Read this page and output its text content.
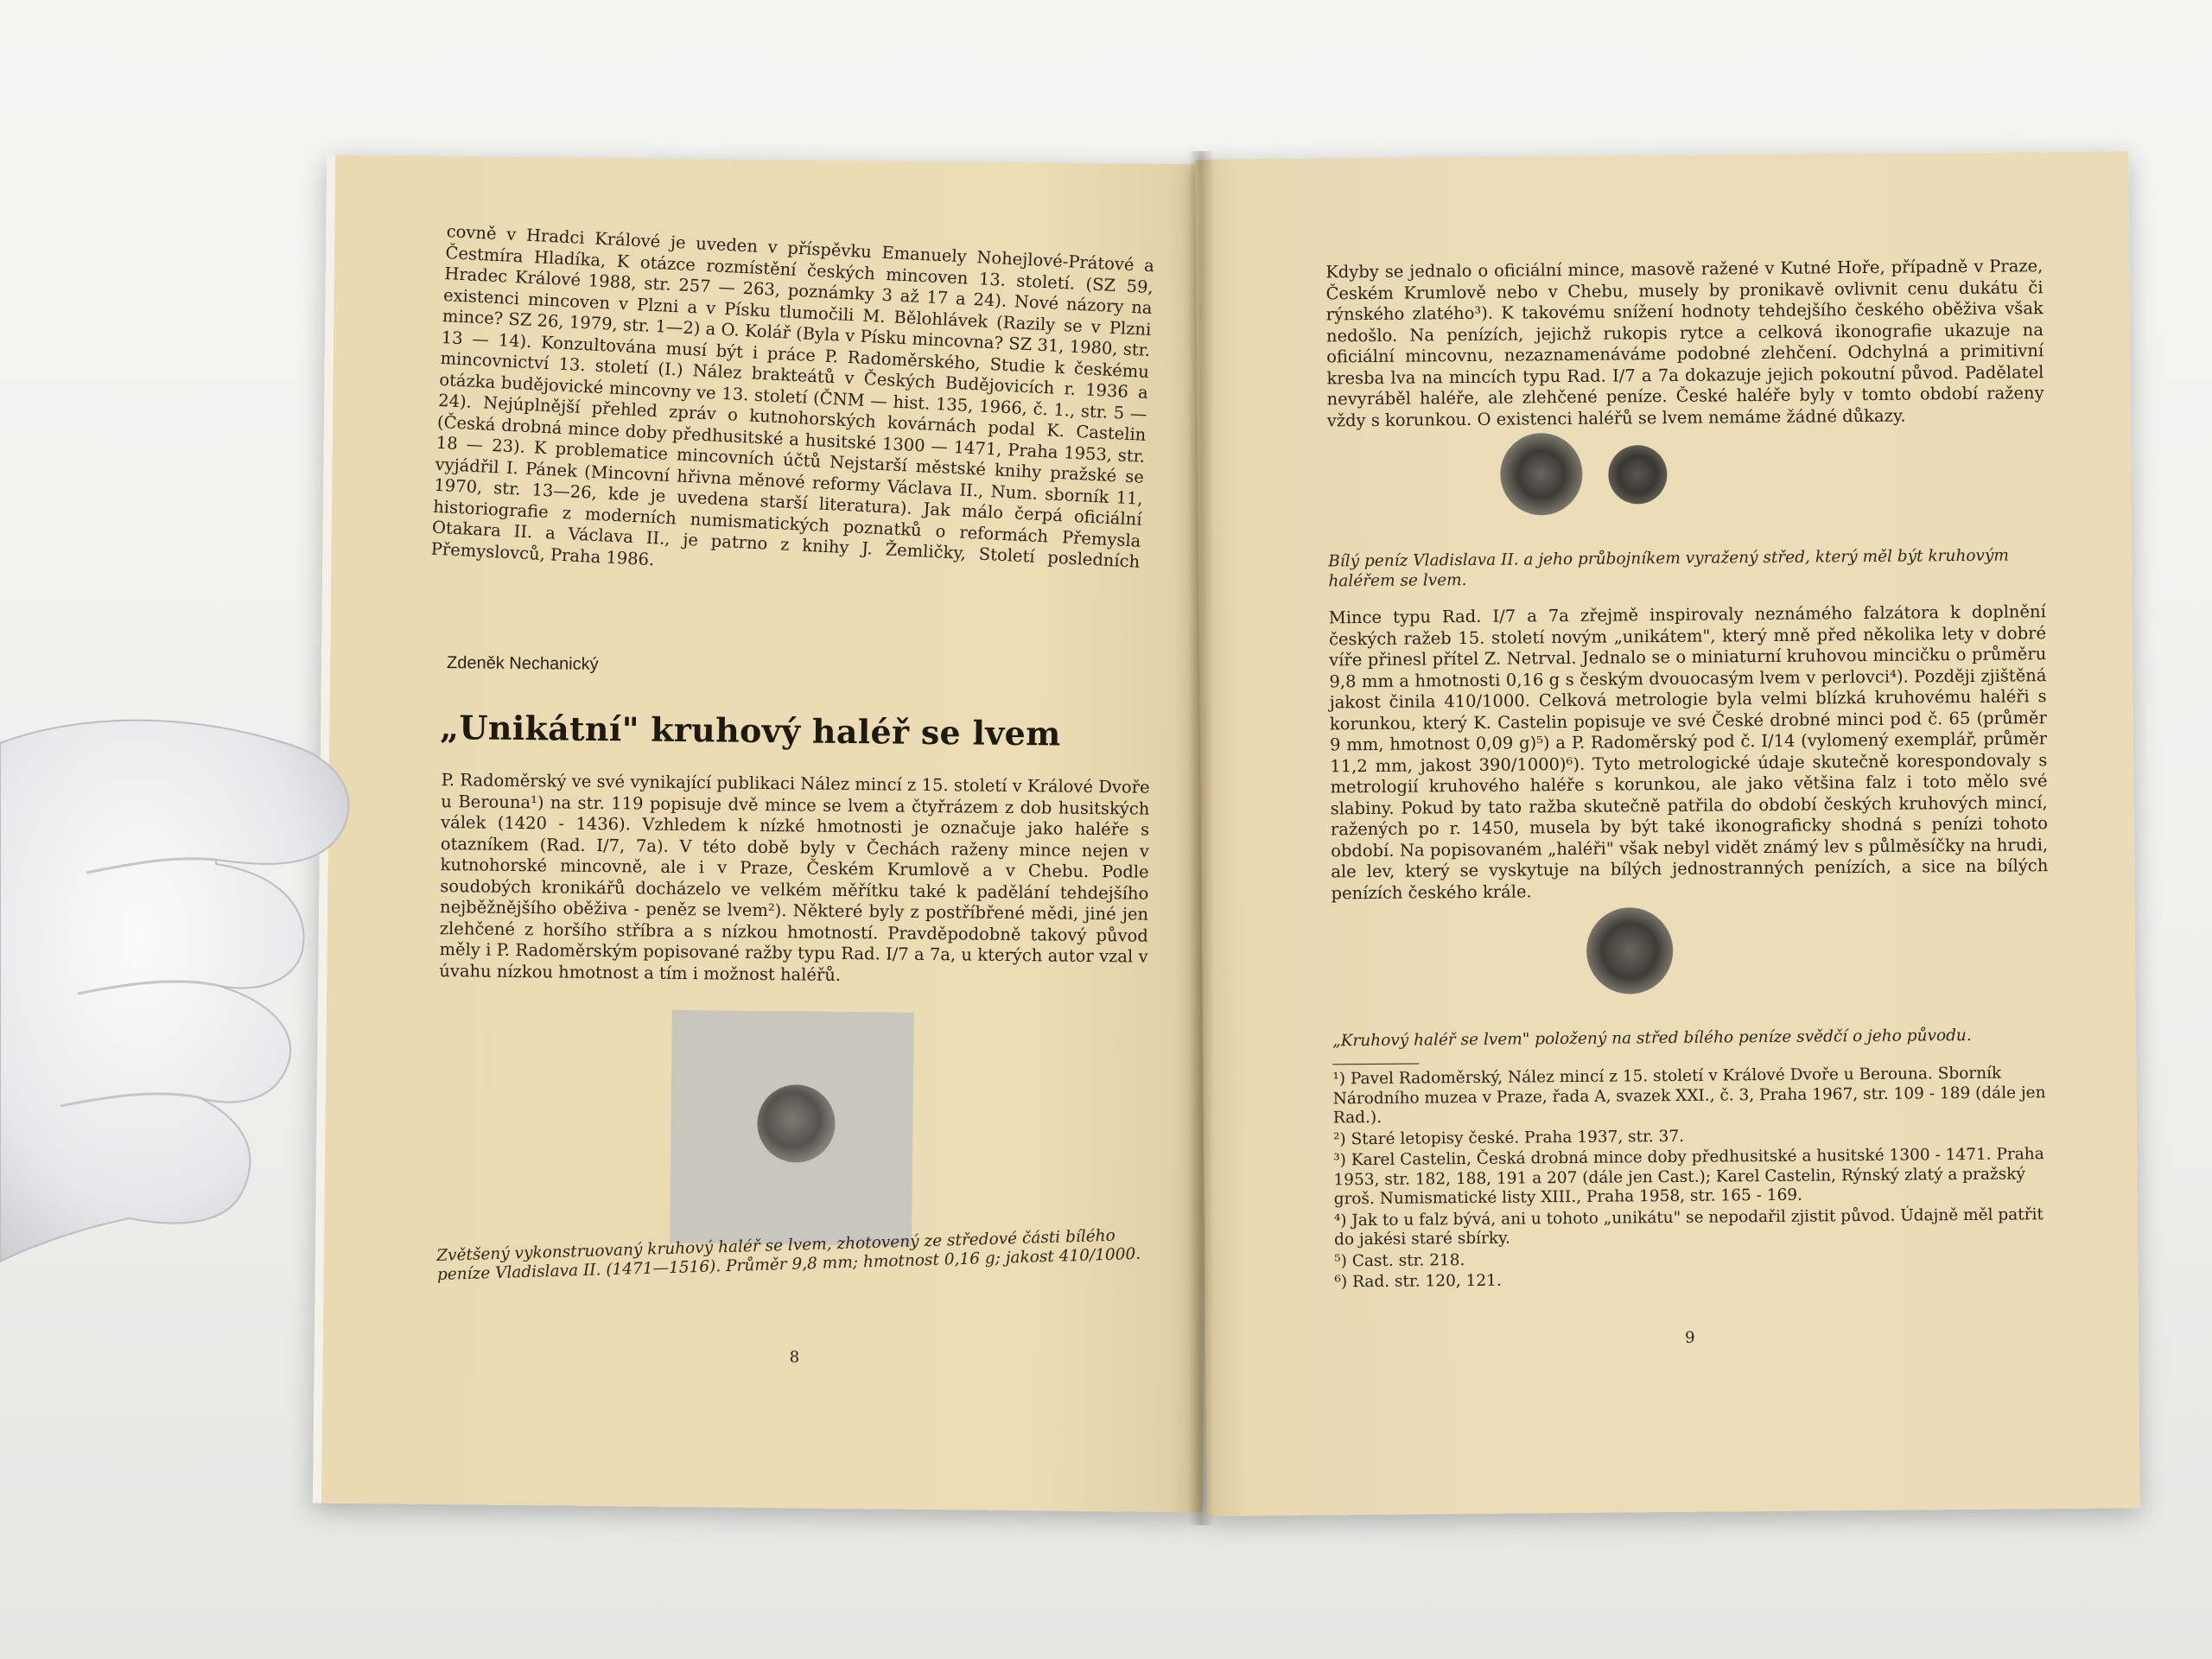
covně v Hradci Králové je uveden v příspěvku Emanuely Nohejlové-Prátové a Čestmíra Hladíka, K otázce rozmístění českých mincoven 13. století. (SZ 59, Hradec Králové 1988, str. 257 — 263, poznámky 3 až 17 a 24). Nové názory na existenci mincoven v Plzni a v Písku tlumočili M. Bělohlávek (Razily se v Plzni mince? SZ 26, 1979, str. 1—2) a O. Kolář (Byla v Písku mincovna? SZ 31, 1980, str. 13 — 14). Konzultována musí být i práce P. Radoměrského, Studie k českému mincovnictví 13. století (I.) Nález brakteátů v Českých Budějovicích r. 1936 a otázka budějovické mincovny ve 13. století (ČNM — hist. 135, 1966, č. 1., str. 5 — 24). Nejúplnější přehled zpráv o kutnohorských kovárnách podal K. Castelin (Česká drobná mince doby předhusitské a husitské 1300 — 1471, Praha 1953, str. 18 — 23). K problematice mincovních účtů Nejstarší městské knihy pražské se vyjádřil I. Pánek (Mincovní hřivna měnové reformy Václava II., Num. sborník 11, 1970, str. 13—26, kde je uvedena starší literatura). Jak málo čerpá oficiální historiografie z moderních numismatických poznatků o reformách Přemysla Otakara II. a Václava II., je patrno z knihy J. Žemličky, Století posledních Přemyslovců, Praha 1986.

Zdeněk Nechanický
„Unikátní" kruhový haléř se lvem
P. Radoměrský ve své vynikající publikaci Nález mincí z 15. století v Králové Dvoře u Berouna¹) na str. 119 popisuje dvě mince se lvem a čtyřrázem z dob husitských válek (1420 - 1436). Vzhledem k nízké hmotnosti je označuje jako haléře s otazníkem (Rad. I/7, 7a). V této době byly v Čechách raženy mince nejen v kutnohorské mincovně, ale i v Praze, Českém Krumlově a v Chebu. Podle soudobých kronikářů docházelo ve velkém měřítku také k padělání tehdejšího nejběžnějšího oběživa - peněz se lvem²). Některé byly z postříbřené mědi, jiné jen zlehčené z horšího stříbra a s nízkou hmotností. Pravděpodobně takový původ měly i P. Radoměrským popisované ražby typu Rad. I/7 a 7a, u kterých autor vzal v úvahu nízkou hmotnost a tím i možnost haléřů.
Zvětšený vykonstruovaný kruhový haléř se lvem, zhotovený ze středové části bílého peníze Vladislava II. (1471—1516). Průměr 9,8 mm; hmotnost 0,16 g; jakost 410/1000.
8
Kdyby se jednalo o oficiální mince, masově ražené v Kutné Hoře, případně v Praze, Českém Krumlově nebo v Chebu, musely by pronikavě ovlivnit cenu dukátu či rýnského zlatého³). K takovému snížení hodnoty tehdejšího českého oběživa však nedošlo. Na penízích, jejichž rukopis rytce a celková ikonografie ukazuje na oficiální mincovnu, nezaznamenáváme podobné zlehčení. Odchylná a primitivní kresba lva na mincích typu Rad. I/7 a 7a dokazuje jejich pokoutní původ. Padělatel nevyráběl haléře, ale zlehčené peníze. České haléře byly v tomto období raženy vždy s korunkou. O existenci haléřů se lvem nemáme žádné důkazy.
Bílý peníz Vladislava II. a jeho průbojníkem vyražený střed, který měl být kruhovým haléřem se lvem.
Mince typu Rad. I/7 a 7a zřejmě inspirovaly neznámého falzátora k doplnění českých ražeb 15. století novým „unikátem", který mně před několika lety v dobré víře přinesl přítel Z. Netrval. Jednalo se o miniaturní kruhovou mincičku o průměru 9,8 mm a hmotnosti 0,16 g s českým dvouocasým lvem v perlovci⁴). Později zjištěná jakost činila 410/1000. Celková metrologie byla velmi blízká kruhovému haléři s korunkou, který K. Castelin popisuje ve své České drobné minci pod č. 65 (průměr 9 mm, hmotnost 0,09 g)⁵) a P. Radoměrský pod č. I/14 (vylomený exemplář, průměr 11,2 mm, jakost 390/1000)⁶). Tyto metrologické údaje skutečně korespondovaly s metrologií kruhového haléře s korunkou, ale jako většina falz i toto mělo své slabiny. Pokud by tato ražba skutečně patřila do období českých kruhových mincí, ražených po r. 1450, musela by být také ikonograficky shodná s penízi tohoto období. Na popisovaném „haléři" však nebyl vidět známý lev s půlměsíčky na hrudi, ale lev, který se vyskytuje na bílých jednostranných penízích, a sice na bílých penízích českého krále.
„Kruhový haléř se lvem" položený na střed bílého peníze svědčí o jeho původu.
¹) Pavel Radoměrský, Nález mincí z 15. století v Králové Dvoře u Berouna. Sborník Národního muzea v Praze, řada A, svazek XXI., č. 3, Praha 1967, str. 109 - 189 (dále jen Rad.).
²) Staré letopisy české. Praha 1937, str. 37.
³) Karel Castelin, Česká drobná mince doby předhusitské a husitské 1300 - 1471. Praha 1953, str. 182, 188, 191 a 207 (dále jen Cast.); Karel Castelin, Rýnský zlatý a pražský groš. Numismatické listy XIII., Praha 1958, str. 165 - 169.
⁴) Jak to u falz bývá, ani u tohoto „unikátu" se nepodařil zjistit původ. Údajně měl patřit do jakési staré sbírky.
⁵) Cast. str. 218.
⁶) Rad. str. 120, 121.
9
